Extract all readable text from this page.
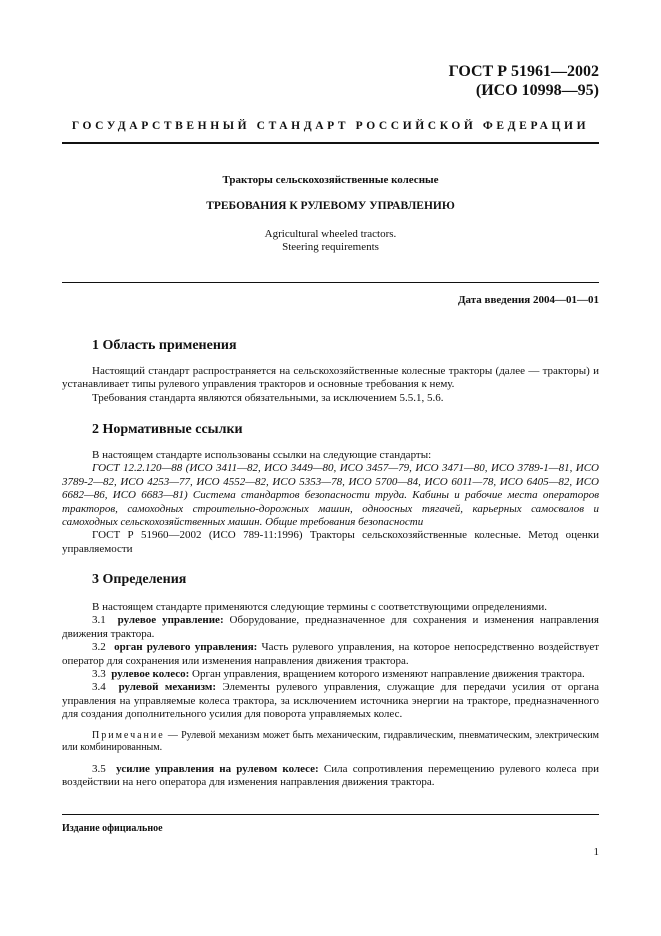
ГОСТ Р 51961—2002
(ИСО 10998—95)
ГОСУДАРСТВЕННЫЙ СТАНДАРТ РОССИЙСКОЙ ФЕДЕРАЦИИ
Тракторы сельскохозяйственные колесные
ТРЕБОВАНИЯ К РУЛЕВОМУ УПРАВЛЕНИЮ
Agricultural wheeled tractors.
Steering requirements
Дата введения 2004—01—01
1 Область применения

Настоящий стандарт распространяется на сельскохозяйственные колесные тракторы (далее — тракторы) и устанавливает типы рулевого управления тракторов и основные требования к нему.

Требования стандарта являются обязательными, за исключением 5.5.1, 5.6.

2 Нормативные ссылки

В настоящем стандарте использованы ссылки на следующие стандарты:

ГОСТ 12.2.120—88 (ИСО 3411—82, ИСО 3449—80, ИСО 3457—79, ИСО 3471—80, ИСО 3789-1—81, ИСО 3789-2—82, ИСО 4253—77, ИСО 4552—82, ИСО 5353—78, ИСО 5700—84, ИСО 6011—78, ИСО 6405—82, ИСО 6682—86, ИСО 6683—81) Система стандартов безопасности труда. Кабины и рабочие места операторов тракторов, самоходных строительно-дорожных машин, одноосных тягачей, карьерных самосвалов и самоходных сельскохозяйственных машин. Общие требования безопасности

ГОСТ Р 51960—2002 (ИСО 789-11:1996) Тракторы сельскохозяйственные колесные. Метод оценки управляемости

3 Определения

В настоящем стандарте применяются следующие термины с соответствующими определениями.

3.1 рулевое управление: Оборудование, предназначенное для сохранения и изменения направления движения трактора.

3.2 орган рулевого управления: Часть рулевого управления, на которое непосредственно воздействует оператор для сохранения или изменения направления движения трактора.

3.3 рулевое колесо: Орган управления, вращением которого изменяют направление движения трактора.

3.4 рулевой механизм: Элементы рулевого управления, служащие для передачи усилия от органа управления на управляемые колеса трактора, за исключением источника энергии на тракторе, предназначенного для создания дополнительного усилия для поворота управляемых колес.

Примечание — Рулевой механизм может быть механическим, гидравлическим, пневматическим, электрическим или комбинированным.

3.5 усилие управления на рулевом колесе: Сила сопротивления перемещению рулевого колеса при воздействии на него оператора для изменения направления движения трактора.

Издание официальное
1
